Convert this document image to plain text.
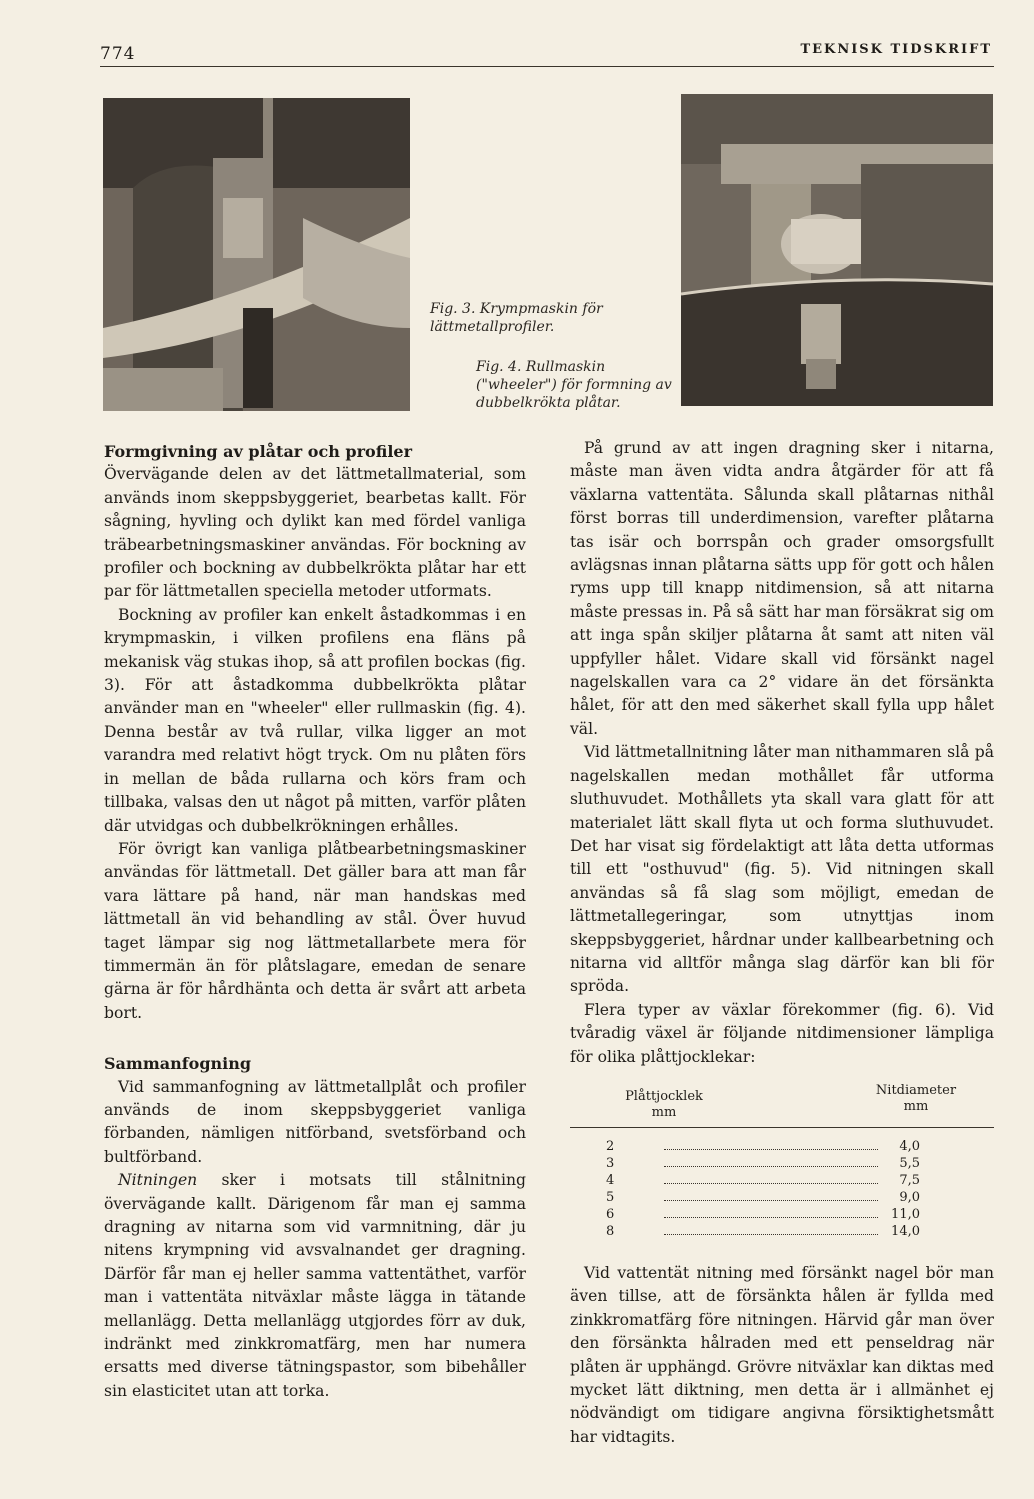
774	TEKNISK TIDSKRIFT
Fig. 3. Krympmaskin för lättmetallprofiler.
Fig. 4. Rullmaskin ("wheeler") för formning av dubbelkrökta plåtar.
Formgivning av plåtar och profiler

Övervägande delen av det lättmetallmaterial, som används inom skeppsbyggeriet, bearbetas kallt. För sågning, hyvling och dylikt kan med fördel vanliga träbearbetningsmaskiner användas. För bockning av profiler och bockning av dubbelkrökta plåtar har ett par för lättmetallen speciella metoder utformats.

Bockning av profiler kan enkelt åstadkommas i en krympmaskin, i vilken profilens ena fläns på mekanisk väg stukas ihop, så att profilen bockas (fig. 3). För att åstadkomma dubbelkrökta plåtar använder man en "wheeler" eller rullmaskin (fig. 4). Denna består av två rullar, vilka ligger an mot varandra med relativt högt tryck. Om nu plåten förs in mellan de båda rullarna och körs fram och tillbaka, valsas den ut något på mitten, varför plåten där utvidgas och dubbelkrökningen erhålles.

För övrigt kan vanliga plåtbearbetningsmaskiner användas för lättmetall. Det gäller bara att man får vara lättare på hand, när man handskas med lättmetall än vid behandling av stål. Över huvud taget lämpar sig nog lättmetallarbete mera för timmermän än för plåtslagare, emedan de senare gärna är för hårdhänta och detta är svårt att arbeta bort.

Sammanfogning

Vid sammanfogning av lättmetallplåt och profiler används de inom skeppsbyggeriet vanliga förbanden, nämligen nitförband, svetsförband och bultförband.

Nitningen sker i motsats till stålnitning övervägande kallt. Därigenom får man ej samma dragning av nitarna som vid varmnitning, där ju nitens krympning vid avsvalnandet ger dragning. Därför får man ej heller samma vattentäthet, varför man i vattentäta nitväxlar måste lägga in tätande mellanlägg. Detta mellanlägg utgjordes förr av duk, indränkt med zinkkromatfärg, men har numera ersatts med diverse tätningspastor, som bibehåller sin elasticitet utan att torka.

På grund av att ingen dragning sker i nitarna, måste man även vidta andra åtgärder för att få växlarna vattentäta. Sålunda skall plåtarnas nithål först borras till underdimension, varefter plåtarna tas isär och borrspån och grader omsorgsfullt avlägsnas innan plåtarna sätts upp för gott och hålen ryms upp till knapp nitdimension, så att nitarna måste pressas in. På så sätt har man försäkrat sig om att inga spån skiljer plåtarna åt samt att niten väl uppfyller hålet. Vidare skall vid försänkt nagel nagelskallen vara ca 2° vidare än det försänkta hålet, för att den med säkerhet skall fylla upp hålet väl.

Vid lättmetallnitning låter man nithammaren slå på nagelskallen medan mothållet får utforma sluthuvudet. Mothållets yta skall vara glatt för att materialet lätt skall flyta ut och forma sluthuvudet. Det har visat sig fördelaktigt att låta detta utformas till ett "osthuvud" (fig. 5). Vid nitningen skall användas så få slag som möjligt, emedan de lättmetallegeringar, som utnyttjas inom skeppsbyggeriet, hårdnar under kallbearbetning och nitarna vid alltför många slag därför kan bli för spröda.

Flera typer av växlar förekommer (fig. 6). Vid tvåradig växel är följande nitdimensioner lämpliga för olika plåttjocklekar:

Plåttjocklek
mm
Nitdiameter
mm
2	4,0
3	5,5
4	7,5
5	9,0
6	11,0
8	14,0

Vid vattentät nitning med försänkt nagel bör man även tillse, att de försänkta hålen är fyllda med zinkkromatfärg före nitningen. Härvid går man över den försänkta hålraden med ett penseldrag när plåten är upphängd. Grövre nitväxlar kan diktas med mycket lätt diktning, men detta är i allmänhet ej nödvändigt om tidigare angivna försiktighetsmått har vidtagits.
